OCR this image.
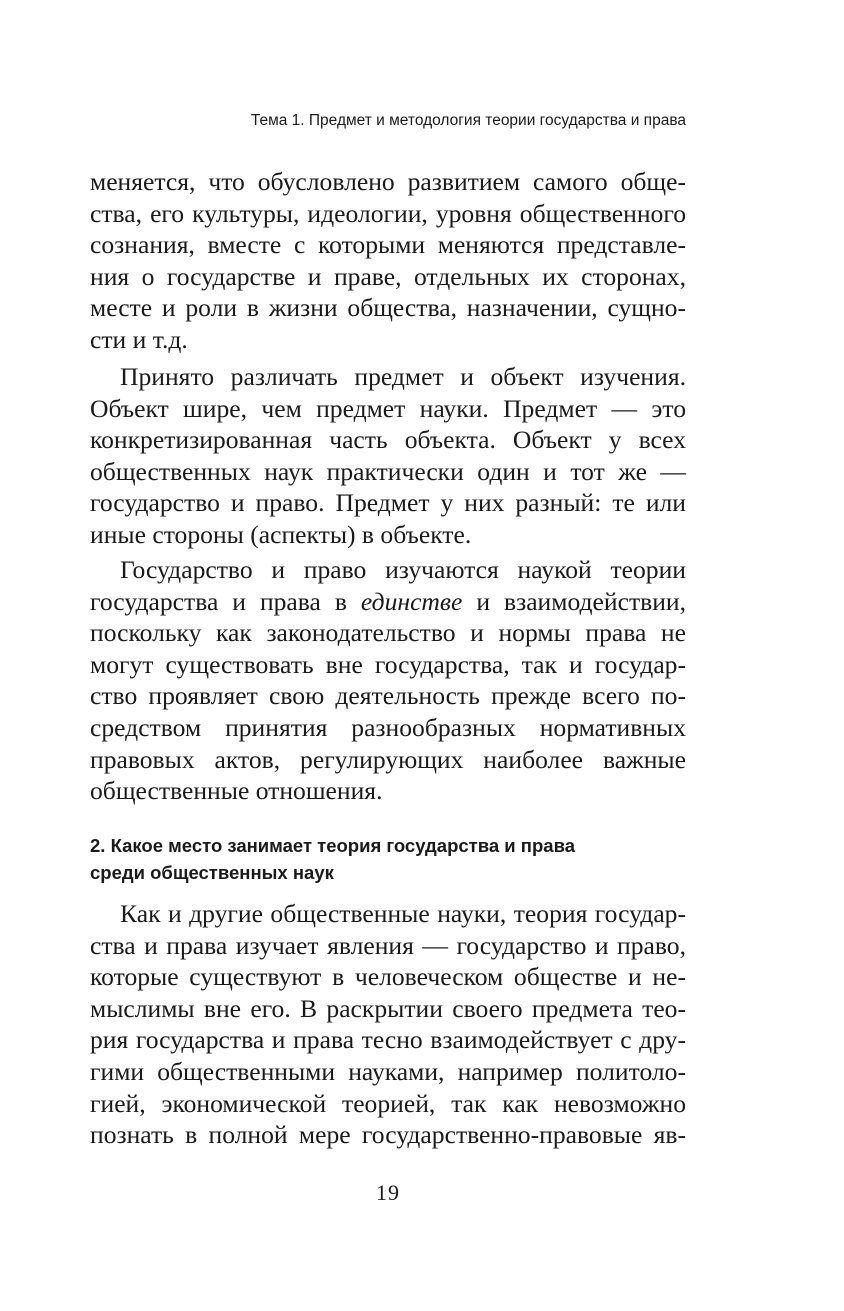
Тема 1. Предмет и методология теории государства и права
меняется, что обусловлено развитием самого обще-
ства, его культуры, идеологии, уровня общественного
сознания, вместе с которыми меняются представле-
ния о государстве и праве, отдельных их сторонах,
месте и роли в жизни общества, назначении, сущно-
сти и т.д.
Принято различать предмет и объект изучения.
Объект шире, чем предмет науки. Предмет — это
конкретизированная часть объекта. Объект у всех
общественных наук практически один и тот же —
государство и право. Предмет у них разный: те или
иные стороны (аспекты) в объекте.
Государство и право изучаются наукой теории
государства и права в единстве и взаимодействии,
поскольку как законодательство и нормы права не
могут существовать вне государства, так и государ-
ство проявляет свою деятельность прежде всего по-
средством принятия разнообразных нормативных
правовых актов, регулирующих наиболее важные
общественные отношения.
2. Какое место занимает теория государства и права
среди общественных наук
Как и другие общественные науки, теория государ-
ства и права изучает явления — государство и право,
которые существуют в человеческом обществе и не-
мыслимы вне его. В раскрытии своего предмета тео-
рия государства и права тесно взаимодействует с дру-
гими общественными науками, например политоло-
гией, экономической теорией, так как невозможно
познать в полной мере государственно-правовые яв-
19
